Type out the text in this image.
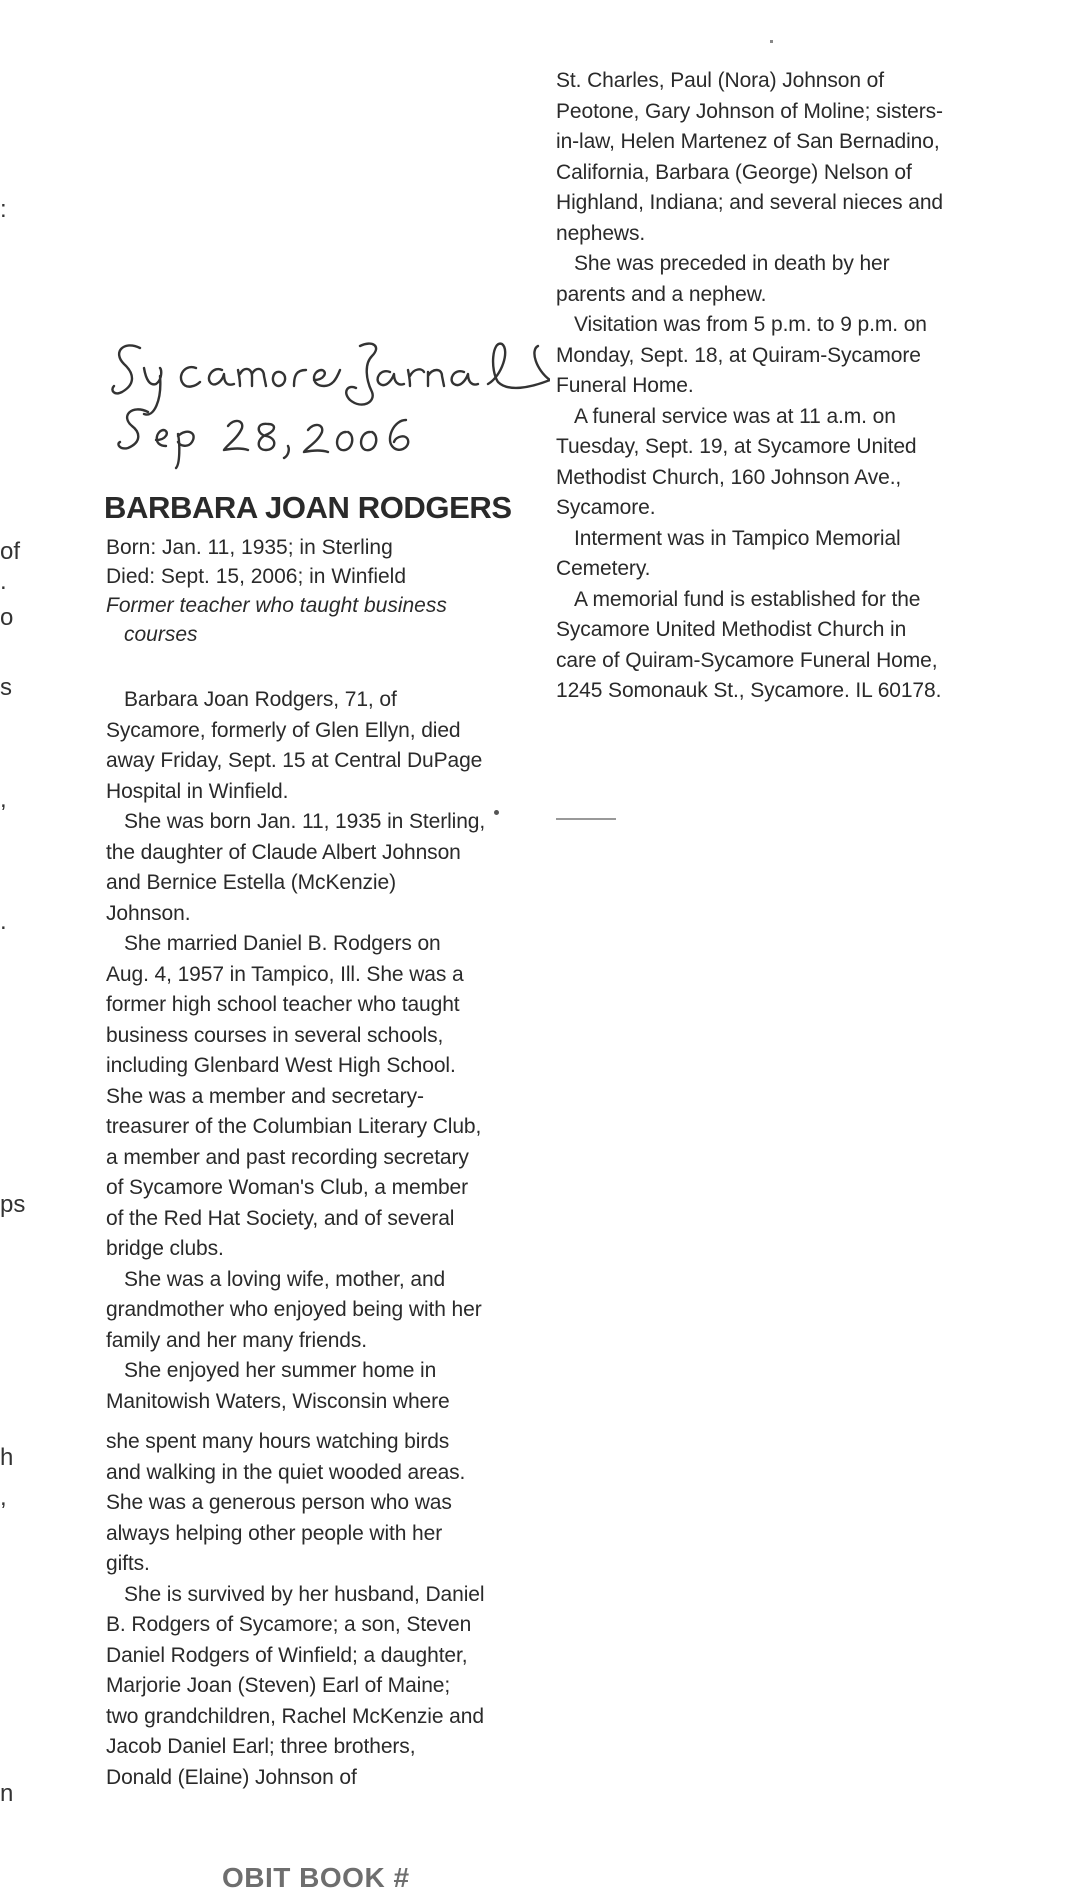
:
of
.
o
s
,
.
ps
h
,
n
BARBARA JOAN RODGERS
Born: Jan. 11, 1935; in Sterling
Died: Sept. 15, 2006; in Winfield
Former teacher who taught business
courses

Barbara Joan Rodgers, 71, of Sycamore, formerly of Glen Ellyn, died away Friday, Sept. 15 at Central DuPage Hospital in Winfield.

She was born Jan. 11, 1935 in Sterling, the daughter of Claude Albert Johnson and Bernice Estella (McKenzie) Johnson.

She married Daniel B. Rodgers on Aug. 4, 1957 in Tampico, Ill. She was a former high school teacher who taught business courses in several schools, including Glenbard West High School. She was a member and secretary-treasurer of the Columbian Literary Club, a member and past recording secretary of Sycamore Woman's Club, a member of the Red Hat Society, and of several bridge clubs.

She was a loving wife, mother, and grandmother who enjoyed being with her family and her many friends.

She enjoyed her summer home in Manitowish Waters, Wisconsin where

she spent many hours watching birds and walking in the quiet wooded areas. She was a generous person who was always helping other people with her gifts.

She is survived by her husband, Daniel B. Rodgers of Sycamore; a son, Steven Daniel Rodgers of Winfield; a daughter, Marjorie Joan (Steven) Earl of Maine; two grandchildren, Rachel McKenzie and Jacob Daniel Earl; three brothers, Donald (Elaine) Johnson of

St. Charles, Paul (Nora) Johnson of Peotone, Gary Johnson of Moline; sisters-in-law, Helen Martenez of San Bernadino, California, Barbara (George) Nelson of Highland, Indiana; and several nieces and nephews.

She was preceded in death by her parents and a nephew.

Visitation was from 5 p.m. to 9 p.m. on Monday, Sept. 18, at Quiram-Sycamore Funeral Home.

A funeral service was at 11 a.m. on Tuesday, Sept. 19, at Sycamore United Methodist Church, 160 Johnson Ave., Sycamore.

Interment was in Tampico Memorial Cemetery.

A memorial fund is established for the Sycamore United Methodist Church in care of Quiram-Sycamore Funeral Home, 1245 Somonauk St., Sycamore. IL 60178.

OBIT BOOK #
